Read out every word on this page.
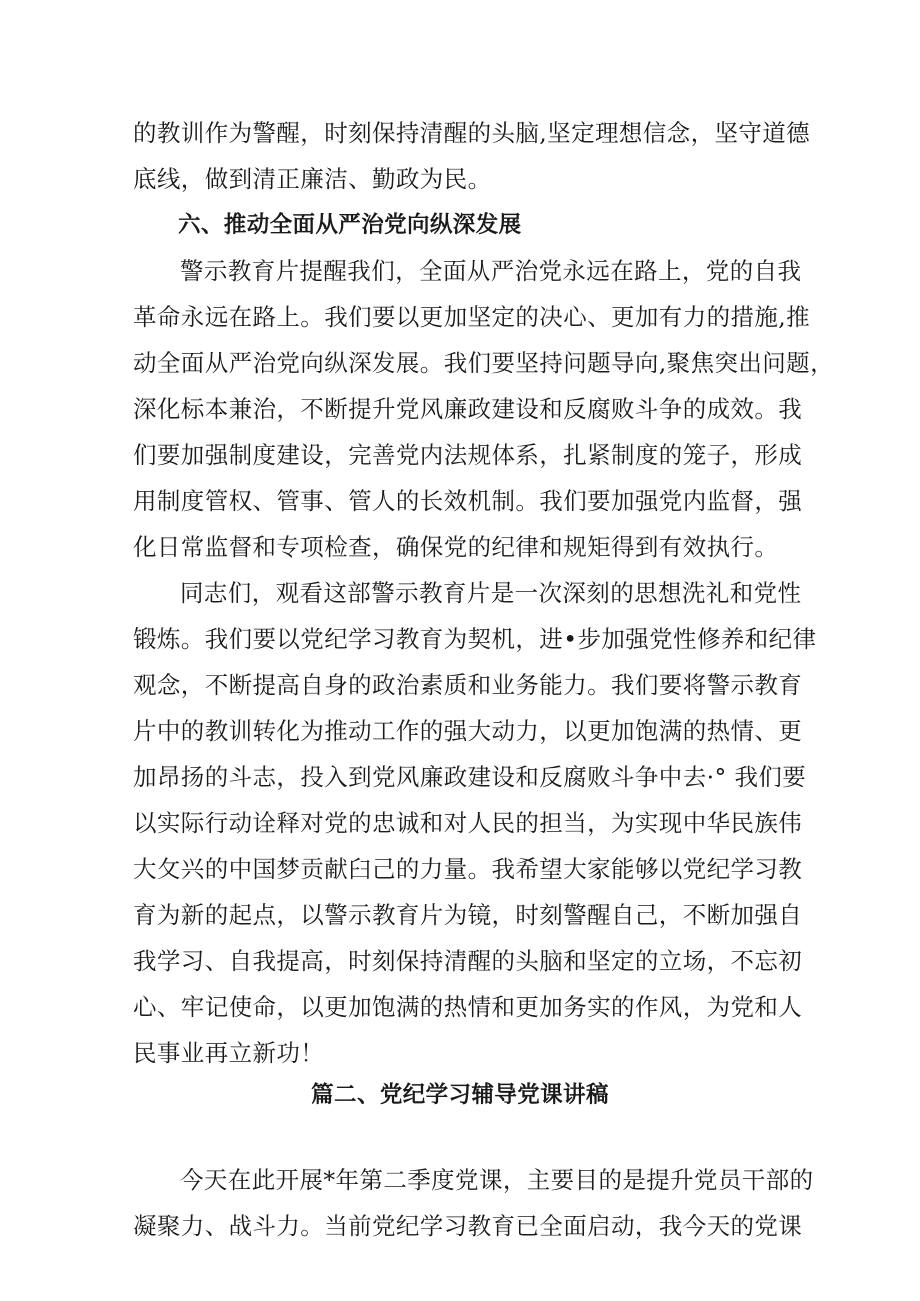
的教训作为警醒，时刻保持清醒的头脑,坚定理想信念，坚守道德
底线，做到清正廉洁、勤政为民。
六、推动全面从严治党向纵深发展
警示教育片提醒我们，全面从严治党永远在路上，党的自我
革命永远在路上。我们要以更加坚定的决心、更加有力的措施,推
动全面从严治党向纵深发展。我们要坚持问题导向,聚焦突出问题，
深化标本兼治，不断提升党风廉政建设和反腐败斗争的成效。我
们要加强制度建设，完善党内法规体系，扎紧制度的笼子，形成
用制度管权、管事、管人的长效机制。我们要加强党内监督，强
化日常监督和专项检查，确保党的纪律和规矩得到有效执行。
同志们，观看这部警示教育片是一次深刻的思想洗礼和党性
锻炼。我们要以党纪学习教育为契机，进•步加强党性修养和纪律
观念，不断提高自身的政治素质和业务能力。我们要将警示教育
片中的教训转化为推动工作的强大动力，以更加饱满的热情、更
加昂扬的斗志，投入到党风廉政建设和反腐败斗争中去·° 我们要
以实际行动诠释对党的忠诚和对人民的担当，为实现中华民族伟
大攵兴的中国梦贡献臼己的力量。我希望大家能够以党纪学习教
育为新的起点，以警示教育片为镜，时刻警醒自己，不断加强自
我学习、自我提高，时刻保持清醒的头脑和坚定的立场，不忘初
心、牢记使命，以更加饱满的热情和更加务实的作风，为党和人
民事业再立新功！
篇二、党纪学习辅导党课讲稿
今天在此开展*年第二季度党课，主要目的是提升党员干部的
凝聚力、战斗力。当前党纪学习教育已全面启动，我今天的党课
